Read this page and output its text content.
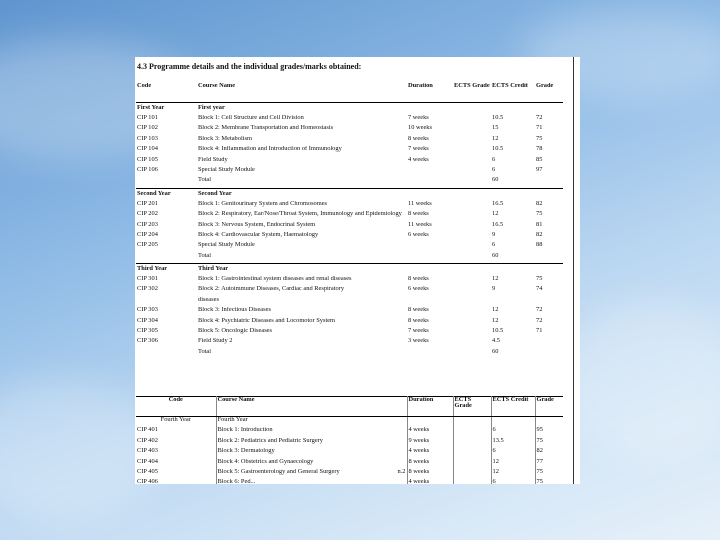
4.3 Programme details and the individual grades/marks obtained:
Code	Course Name	Duration	ECTS Grade	ECTS Credit	Grade
First Year	First year				
CIP 101	Block 1: Cell Structure and Cell Division	7 weeks		10.5	72
CIP 102	Block 2: Membrane Transportation and Homeostasis	10 weeks		15	71
CIP 103	Block 3: Metabolism	8 weeks		12	75
CIP 104	Block 4: Inflammation and Introduction of Immunology	7 weeks		10.5	78
CIP 105	Field Study	4 weeks		6	85
CIP 106	Special Study Module			6	97
	Total			60	
Second Year	Second Year				
CIP 201	Block 1: Genitourinary System and Chromosomes	11 weeks		16.5	82
CIP 202	Block 2: Respiratory, Ear/Nose/Throat System, Immunology and Epidemiology	8 weeks		12	75
CIP 203	Block 3: Nervous System, Endocrinal System	11 weeks		16.5	81
CIP 204	Block 4: Cardiovascular System, Haematology	6 weeks		9	82
CIP 205	Special Study Module			6	88
	Total			60	
Third Year	Third Year				
CIP 301	Block 1: Gastrointestinal system diseases and renal diseases	8 weeks		12	75
CIP 302	Block 2: Autoimmune Diseases, Cardiac and Respiratory	6 weeks		9	74
	diseases				
CIP 303	Block 3: Infectious Diseases	8 weeks		12	72
CIP 304	Block 4: Psychiatric Diseases and Locomotor System	8 weeks		12	72
CIP 305	Block 5: Oncologic Diseases	7 weeks		10.5	71
CIP 306	Field Study 2	3 weeks		4.5	
	Total			60	
Code	Course Name	Duration	ECTS Grade	ECTS Credit	Grade
Fourth Year	Fourth Year				
CIP 401	Block 1: Introduction	4 weeks		6	95
CIP 402	Block 2: Pediatrics and Pediatric Surgery	9 weeks		13.5	75
CIP 403	Block 3: Dermatology	4 weeks		6	82
CIP 404	Block 4: Obstetrics and Gynaecology	8 weeks		12	77
CIP 405	Block 5: Gastroenterology and General Surgery n.2	8 weeks		12	75
CIP 406	Block 6: Ped...	4 weeks		6	75
